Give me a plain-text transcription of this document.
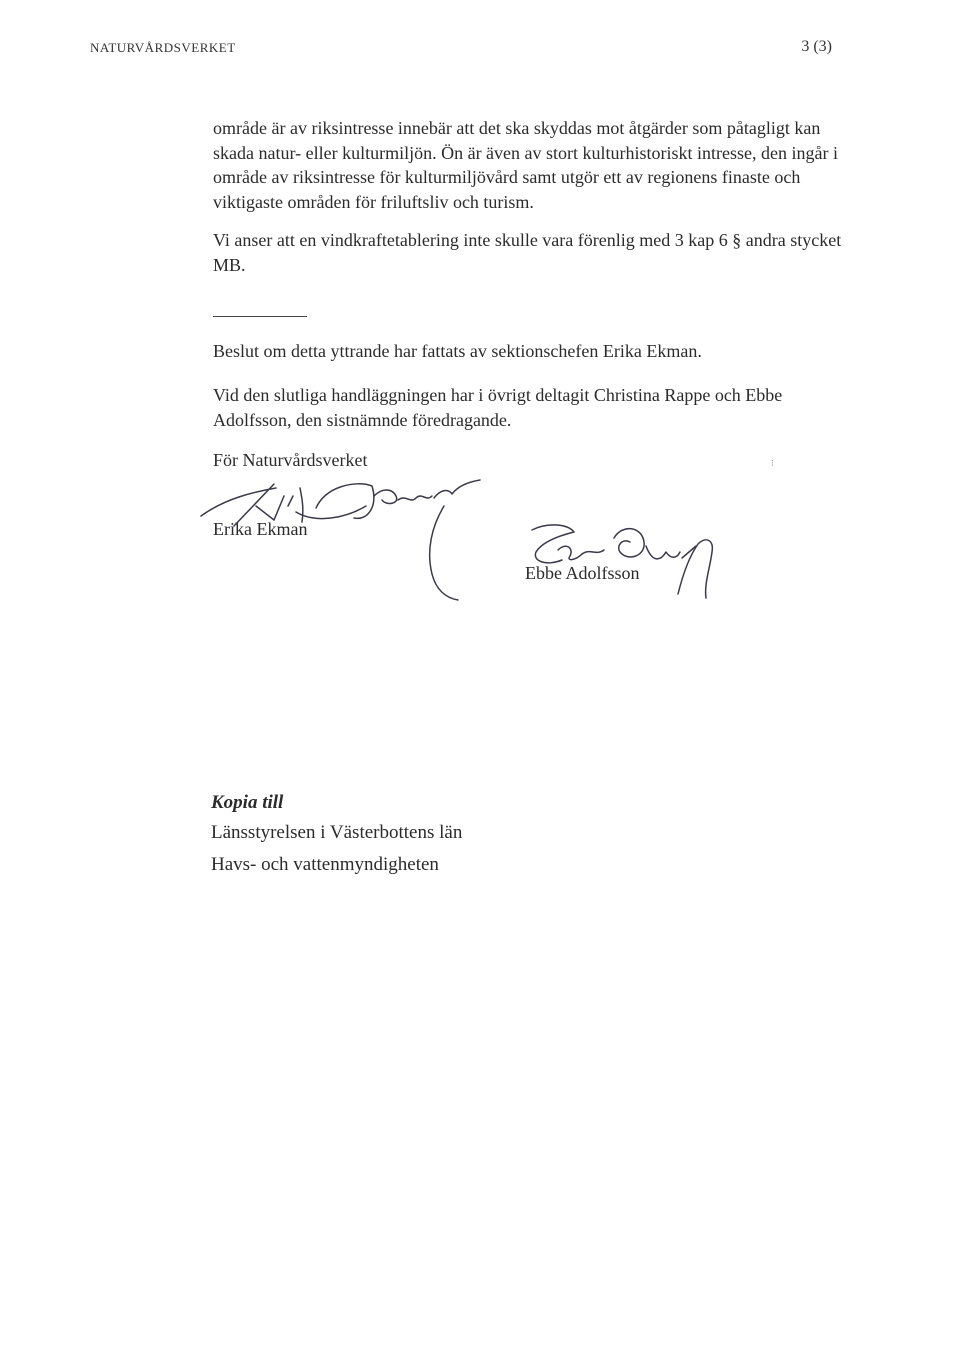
NATURVÅRDSVERKET	3 (3)

område är av riksintresse innebär att det ska skyddas mot åtgärder som påtagligt kan skada natur- eller kulturmiljön. Ön är även av stort kulturhistoriskt intresse, den ingår i område av riksintresse för kulturmiljövård samt utgör ett av regionens finaste och viktigaste områden för friluftsliv och turism.

Vi anser att en vindkraftetablering inte skulle vara förenlig med 3 kap 6 § andra stycket MB.

Beslut om detta yttrande har fattats av sektionschefen Erika Ekman.

Vid den slutliga handläggningen har i övrigt deltagit Christina Rappe och Ebbe Adolfsson, den sistnämnde föredragande.

För Naturvårdsverket	⁝
Erika Ekman
Ebbe Adolfsson
Kopia till
Länsstyrelsen i Västerbottens län
Havs- och vattenmyndigheten
